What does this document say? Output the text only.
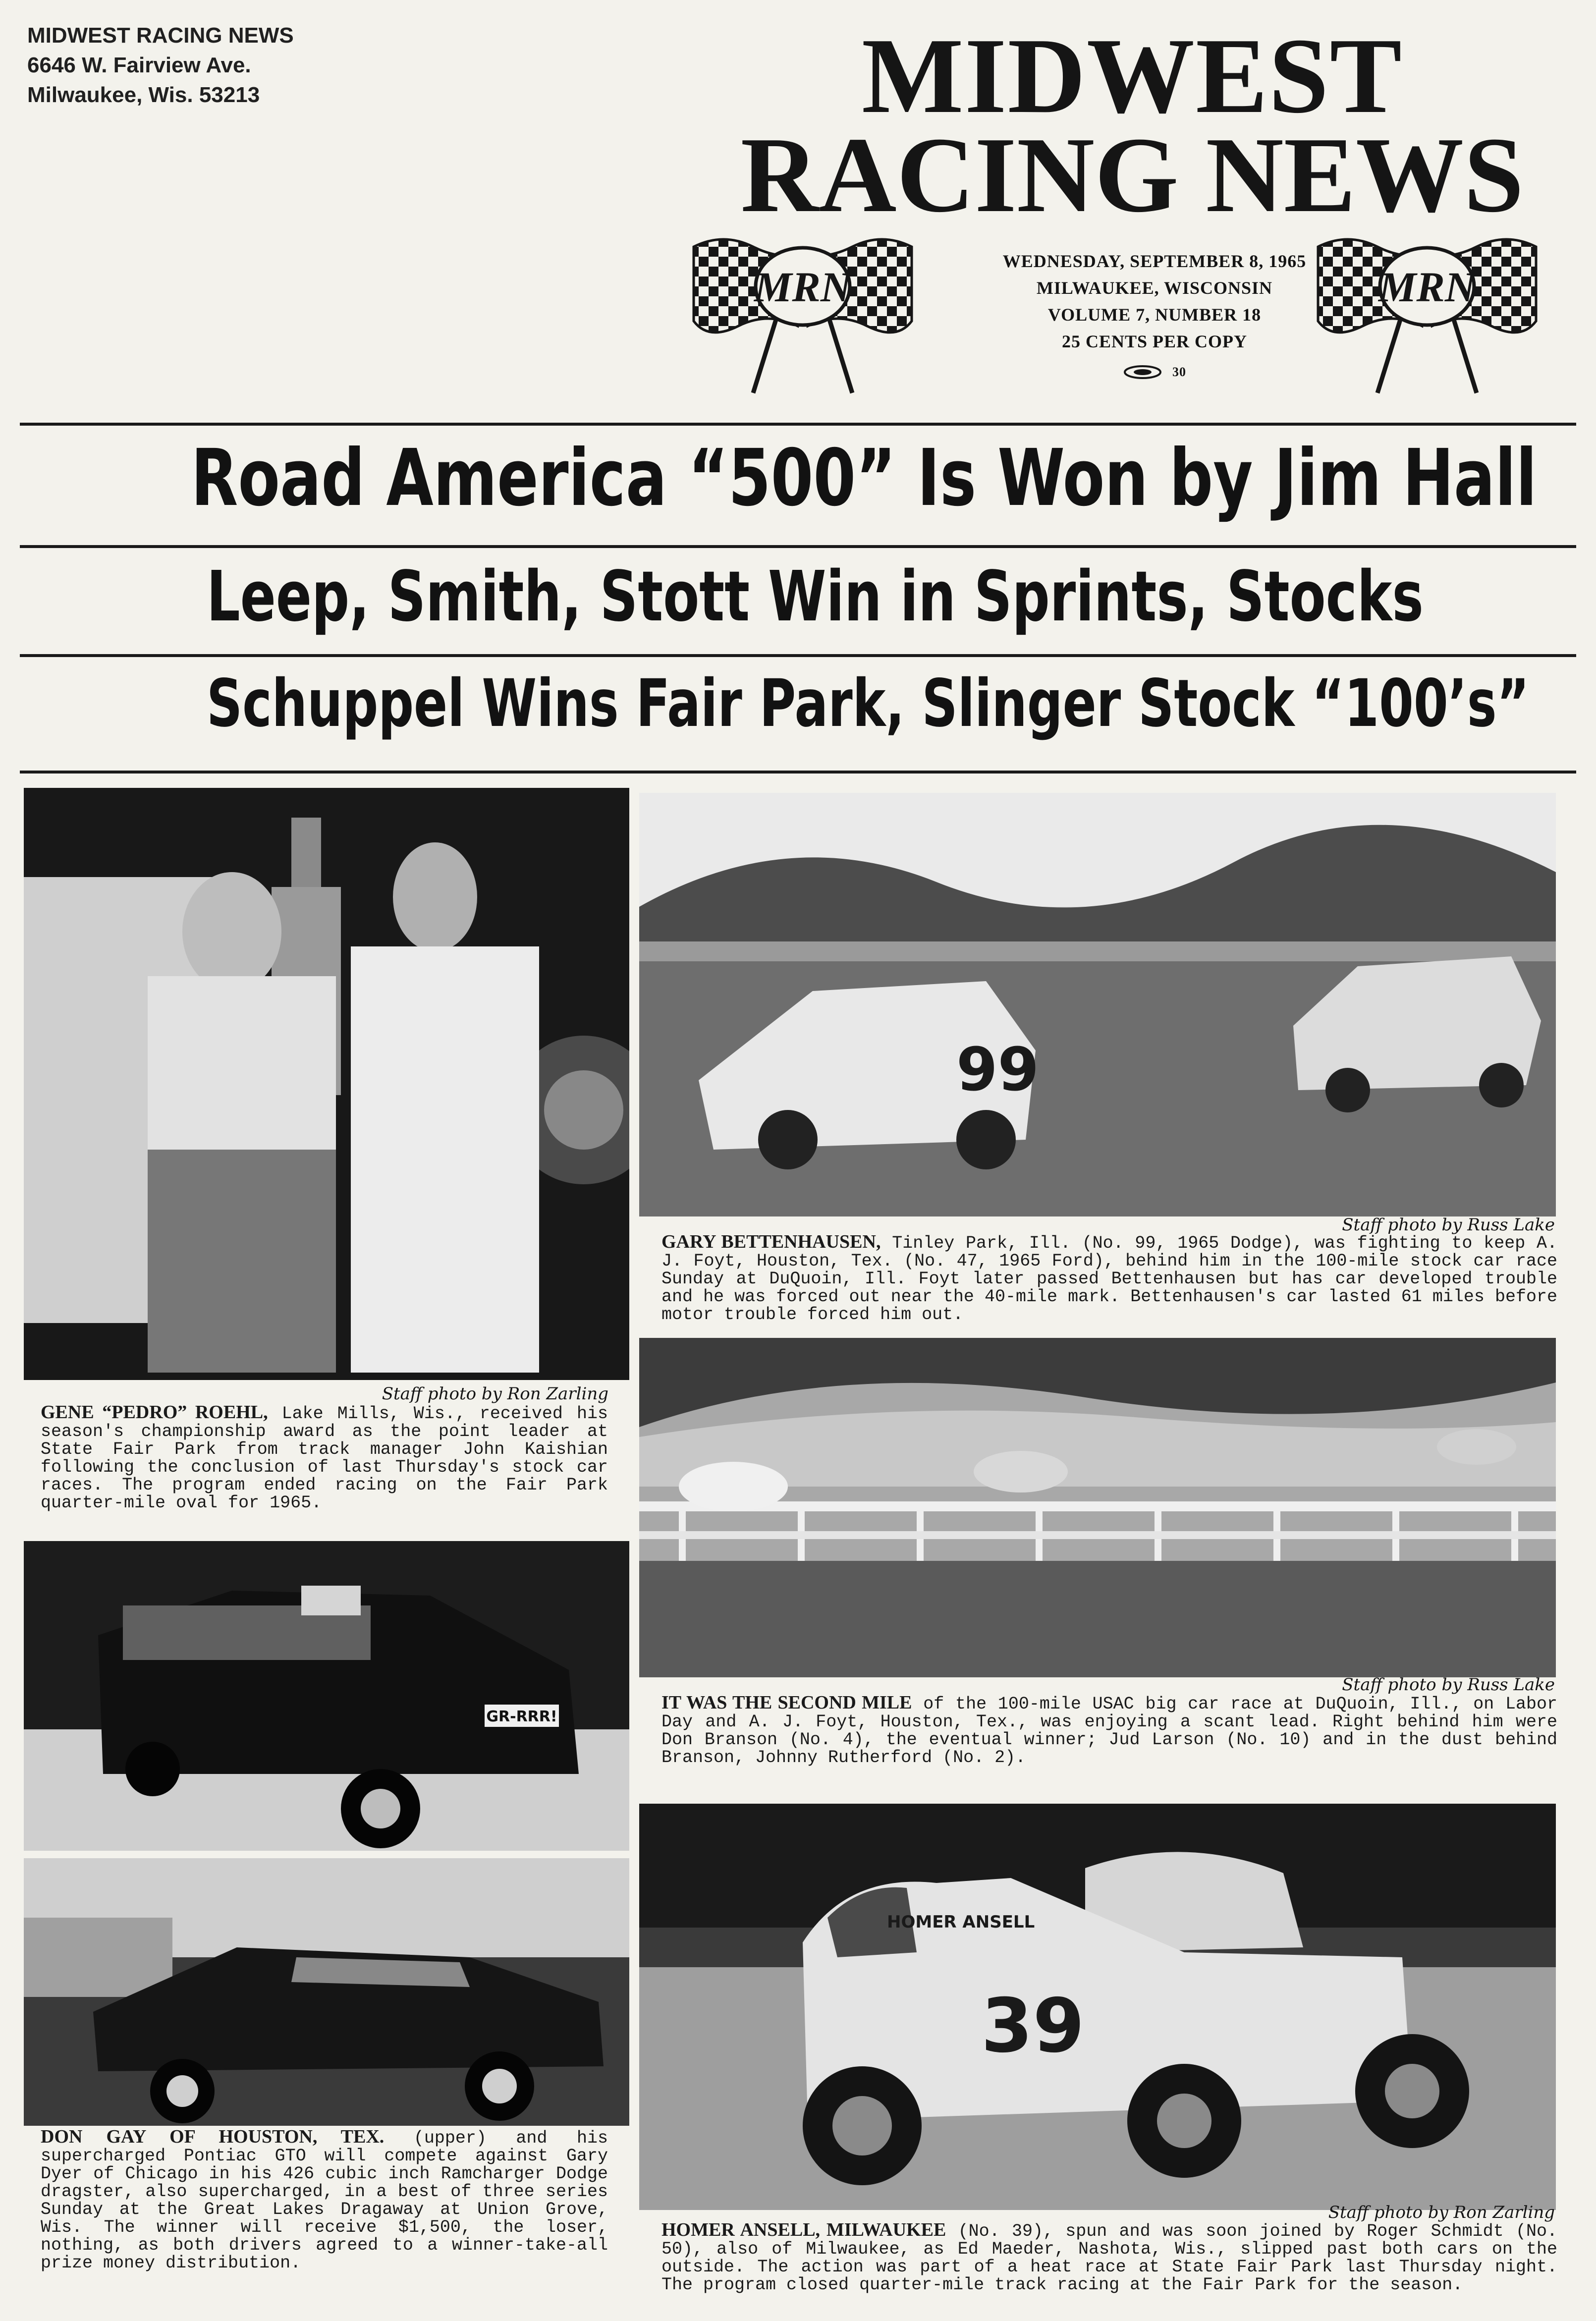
MIDWEST RACING NEWS
6646 W. Fairview Ave.
Milwaukee, Wis. 53213	MIDWEST
RACING NEWS
MRN
WEDNESDAY, SEPTEMBER 8, 1965
MILWAUKEE, WISCONSIN
VOLUME 7, NUMBER 18
25 CENTS PER COPY
30
MRN
Road America “500” Is Won by Jim Hall
Leep, Smith, Stott Win in Sprints, Stocks
Schuppel Wins Fair Park, Slinger Stock “100’s”
Staff photo by Ron Zarling
GENE “PEDRO” ROEHL, Lake Mills, Wis., received his season's championship award as the point leader at State Fair Park from track manager John Kaishian following the conclusion of last Thursday's stock car races. The program ended racing on the Fair Park quarter-mile oval for 1965.
99
Staff photo by Russ Lake
GARY BETTENHAUSEN, Tinley Park, Ill. (No. 99, 1965 Dodge), was fighting to keep A. J. Foyt, Houston, Tex. (No. 47, 1965 Ford), behind him in the 100-mile stock car race Sunday at DuQuoin, Ill. Foyt later passed Bettenhausen but has car developed trouble and he was forced out near the 40-mile mark. Bettenhausen's car lasted 61 miles before motor trouble forced him out.
Staff photo by Russ Lake
IT WAS THE SECOND MILE of the 100-mile USAC big car race at DuQuoin, Ill., on Labor Day and A. J. Foyt, Houston, Tex., was enjoying a scant lead. Right behind him were Don Branson (No. 4), the eventual winner; Jud Larson (No. 10) and in the dust behind Branson, Johnny Rutherford (No. 2).
GR-RRR!
DON GAY OF HOUSTON, TEX. (upper) and his supercharged Pontiac GTO will compete against Gary Dyer of Chicago in his 426 cubic inch Ramcharger Dodge dragster, also supercharged, in a best of three series Sunday at the Great Lakes Dragaway at Union Grove, Wis. The winner will receive $1,500, the loser, nothing, as both drivers agreed to a winner-take-all prize money distribution.
39
HOMER ANSELL
Staff photo by Ron Zarling
HOMER ANSELL, MILWAUKEE (No. 39), spun and was soon joined by Roger Schmidt (No. 50), also of Milwaukee, as Ed Maeder, Nashota, Wis., slipped past both cars on the outside. The action was part of a heat race at State Fair Park last Thursday night. The program closed quarter-mile track racing at the Fair Park for the season.
